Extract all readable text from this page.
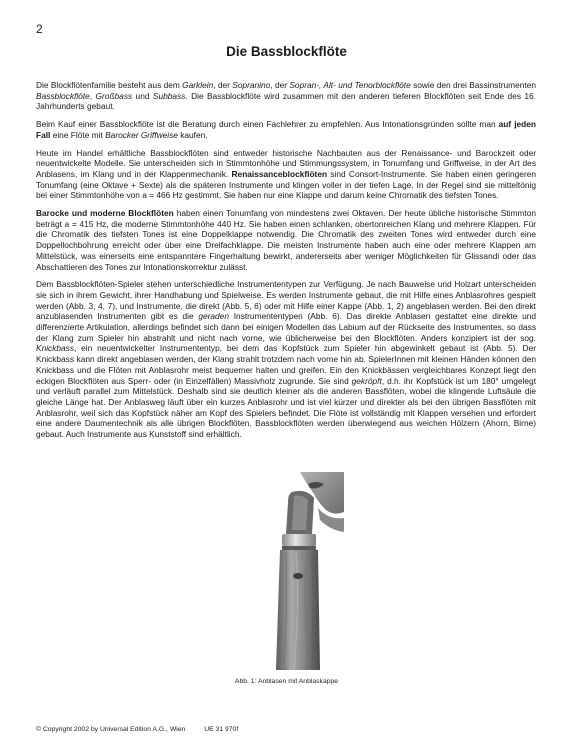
2
Die Bassblockflöte

Die Blockflötenfamilie besteht aus dem Garklein, der Sopranino, der Sopran-, Alt- und Tenorblockflöte sowie den drei Bassinstrumenten Bassblockflöte, Großbass und Subbass. Die Bassblockflöte wird zusammen mit den anderen tieferen Blockflöten seit Ende des 16. Jahrhunderts gebaut.

Beim Kauf einer Bassblockflöte ist die Beratung durch einen Fachlehrer zu empfehlen. Aus Intonationsgründen sollte man auf jeden Fall eine Flöte mit Barocker Griffweise kaufen.

Heute im Handel erhältliche Bassblockflöten sind entweder historische Nachbauten aus der Renaissance- und Barockzeit oder neuentwickelte Modelle. Sie unterscheiden sich in Stimmtonhöhe und Stimmungssystem, in Tonumfang und Griffweise, in der Art des Anblasens, im Klang und in der Klappenmechanik. Renaissanceblockflöten sind Consort-Instrumente. Sie haben einen geringeren Tonumfang (eine Oktave + Sexte) als die späteren Instrumente und klingen voller in der tiefen Lage. In der Regel sind sie mitteltönig bei einer Stimmtonhöhe von a = 466 Hz gestimmt. Sie haben nur eine Klappe und darum keine Chromatik des tiefsten Tones.

Barocke und moderne Blockflöten haben einen Tonumfang von mindestens zwei Oktaven. Der heute übliche historische Stimmton beträgt a = 415 Hz, die moderne Stimmtonhöhe 440 Hz. Sie haben einen schlanken, obertonreichen Klang und mehrere Klappen. Für die Chromatik des tiefsten Tones ist eine Doppelklappe notwendig. Die Chromatik des zweiten Tones wird entweder durch eine Doppellochbohrung erreicht oder über eine Dreifachklappe. Die meisten Instrumente haben auch eine oder mehrere Klappen am Mittelstück, was einerseits eine entspanntere Fingerhaltung bewirkt, andererseits aber weniger Möglichkeiten für Glissandi oder das Abschattieren des Tones zur Intonationskorrektur zulässt.

Dem Bassblockflöten-Spieler stehen unterschiedliche Instrumententypen zur Verfügung. Je nach Bauweise und Holzart unterscheiden sie sich in ihrem Gewicht, ihrer Handhabung und Spielweise. Es werden Instrumente gebaut, die mit Hilfe eines Anblasrohres gespielt werden (Abb. 3, 4, 7), und Instrumente, die direkt (Abb. 5, 6) oder mit Hilfe einer Kappe (Abb. 1, 2) angeblasen werden. Bei den direkt anzublasenden Instrumenten gibt es die geraden Instrumententypen (Abb. 6). Das direkte Anblasen gestattet eine direkte und differenzierte Artikulation, allerdings befindet sich dann bei einigen Modellen das Labium auf der Rückseite des Instrumentes, so dass der Klang zum Spieler hin abstrahlt und nicht nach vorne, wie üblicherweise bei den Blockflöten. Anders konzipiert ist der sog. Knickbass, ein neuentwickelter Instrumententyp, bei dem das Kopfstück zum Spieler hin abgewinkelt gebaut ist (Abb. 5). Der Knickbass kann direkt angeblasen werden, der Klang strahlt trotzdem nach vorne hin ab. SpielerInnen mit kleinen Händen können den Knickbass und die Flöten mit Anblasrohr meist bequemer halten und greifen. Ein den Knickbässen vergleichbares Konzept liegt den eckigen Blockflöten aus Sperr- oder (in Einzelfällen) Massivholz zugrunde. Sie sind gekröpft, d.h. ihr Kopfstück ist um 180° umgelegt und verläuft parallel zum Mittelstück. Deshalb sind sie deutlich kleiner als die anderen Bassflöten, wobei die klingende Luftsäule die gleiche Länge hat. Der Anblasweg läuft über ein kurzes Anblasrohr und ist viel kürzer und direkter als bei den übrigen Bassflöten mit Anblasrohr, weil sich das Kopfstück näher am Kopf des Spielers befindet. Die Flöte ist vollständig mit Klappen versehen und erfordert eine andere Daumentechnik als alle übrigen Blockflöten. Bassblockflöten werden überwiegend aus weichen Hölzern (Ahorn, Birne) gebaut. Auch Instrumente aus Kunststoff sind erhältlich.

Abb. 1: Anblasen mit Anblaskappe
© Copyright 2002 by Universal Edition A.G., Wien	UE 31 970f
